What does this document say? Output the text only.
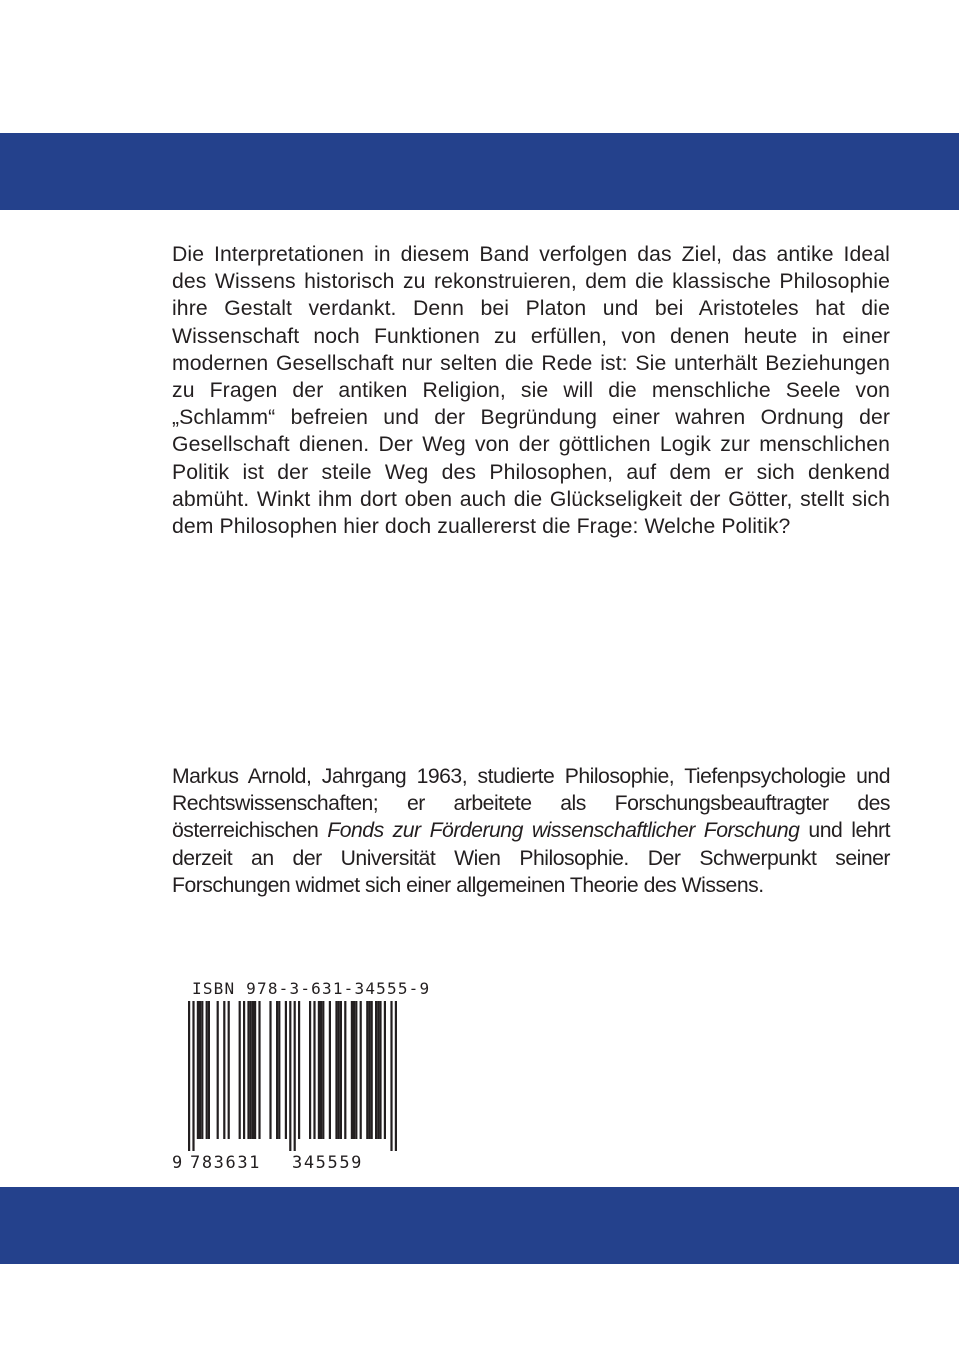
Die Interpretationen in diesem Band verfolgen das Ziel, das antike Ideal des Wissens historisch zu rekonstruieren, dem die klassische Philosophie ihre Gestalt verdankt. Denn bei Platon und bei Aristoteles hat die Wissenschaft noch Funktionen zu erfüllen, von denen heute in einer modernen Gesellschaft nur selten die Rede ist: Sie unterhält Beziehungen zu Fragen der antiken Religion, sie will die menschliche Seele von „Schlamm“ befreien und der Begründung einer wahren Ordnung der Gesellschaft dienen. Der Weg von der göttlichen Logik zur menschlichen Politik ist der steile Weg des Philosophen, auf dem er sich denkend abmüht. Winkt ihm dort oben auch die Glückseligkeit der Götter, stellt sich dem Philosophen hier doch zuallererst die Frage: Welche Politik?

Markus Arnold, Jahrgang 1963, studierte Philosophie, Tiefenpsychologie und Rechtswissenschaften; er arbeitete als Forschungsbeauftragter des österreichischen Fonds zur Förderung wissenschaftlicher Forschung und lehrt derzeit an der Universität Wien Philosophie. Der Schwerpunkt seiner Forschungen widmet sich einer allgemeinen Theorie des Wissens.

ISBN 978-3-631-34555-9
9 783631 345559
